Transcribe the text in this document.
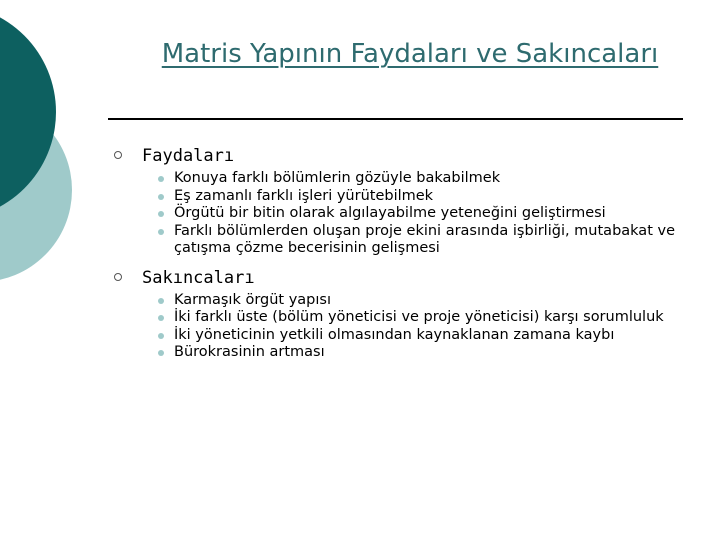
Matris Yapının Faydaları ve Sakıncaları
Faydaları
Konuya farklı bölümlerin gözüyle bakabilmek
Eş zamanlı farklı işleri yürütebilmek
Örgütü bir bitin olarak algılayabilme yeteneğini geliştirmesi
Farklı bölümlerden oluşan proje ekini arasında işbirliği, mutabakat ve çatışma çözme becerisinin gelişmesi
Sakıncaları
Karmaşık örgüt yapısı
İki farklı üste (bölüm yöneticisi ve proje yöneticisi) karşı sorumluluk
İki yöneticinin yetkili olmasından kaynaklanan zamana kaybı
Bürokrasinin artması
